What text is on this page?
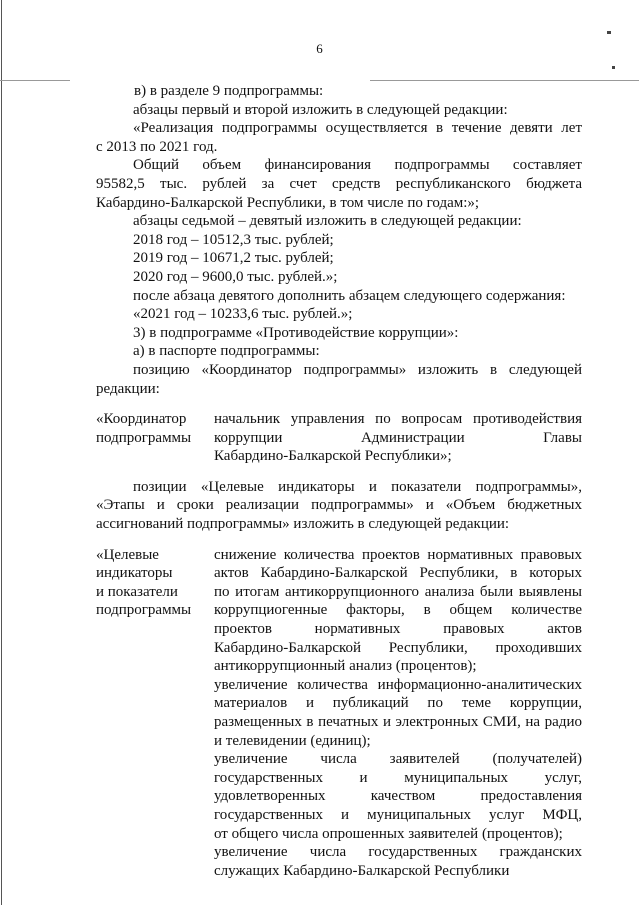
6
в) в разделе 9 подпрограммы:
абзацы первый и второй изложить в следующей редакции:
«Реализация подпрограммы осуществляется в течение девяти лет
с 2013 по 2021 год.
Общий объем финансирования подпрограммы составляет
95582,5 тыс. рублей за счет средств республиканского бюджета
Кабардино-Балкарской Республики, в том числе по годам:»;
абзацы седьмой – девятый изложить в следующей редакции:
2018 год – 10512,3 тыс. рублей;
2019 год – 10671,2 тыс. рублей;
2020 год – 9600,0 тыс. рублей.»;
после абзаца девятого дополнить абзацем следующего содержания:
«2021 год – 10233,6 тыс. рублей.»;
3) в подпрограмме «Противодействие коррупции»:
а) в паспорте подпрограммы:
позицию «Координатор подпрограммы» изложить в следующей
редакции:
«Координатор
подпрограммы
начальник управления по вопросам противодействия
коррупции Администрации Главы
Кабардино-Балкарской Республики»;
позиции «Целевые индикаторы и показатели подпрограммы»,
«Этапы и сроки реализации подпрограммы» и «Объем бюджетных
ассигнований подпрограммы» изложить в следующей редакции:
«Целевые
индикаторы
и показатели
подпрограммы
снижение количества проектов нормативных правовых
актов Кабардино-Балкарской Республики, в которых
по итогам антикоррупционного анализа были выявлены
коррупциогенные факторы, в общем количестве
проектов нормативных правовых актов
Кабардино-Балкарской Республики, проходивших
антикоррупционный анализ (процентов);
увеличение количества информационно-аналитических
материалов и публикаций по теме коррупции,
размещенных в печатных и электронных СМИ, на радио
и телевидении (единиц);
увеличение числа заявителей (получателей)
государственных и муниципальных услуг,
удовлетворенных качеством предоставления
государственных и муниципальных услуг МФЦ,
от общего числа опрошенных заявителей (процентов);
увеличение числа государственных гражданских
служащих Кабардино-Балкарской Республики
